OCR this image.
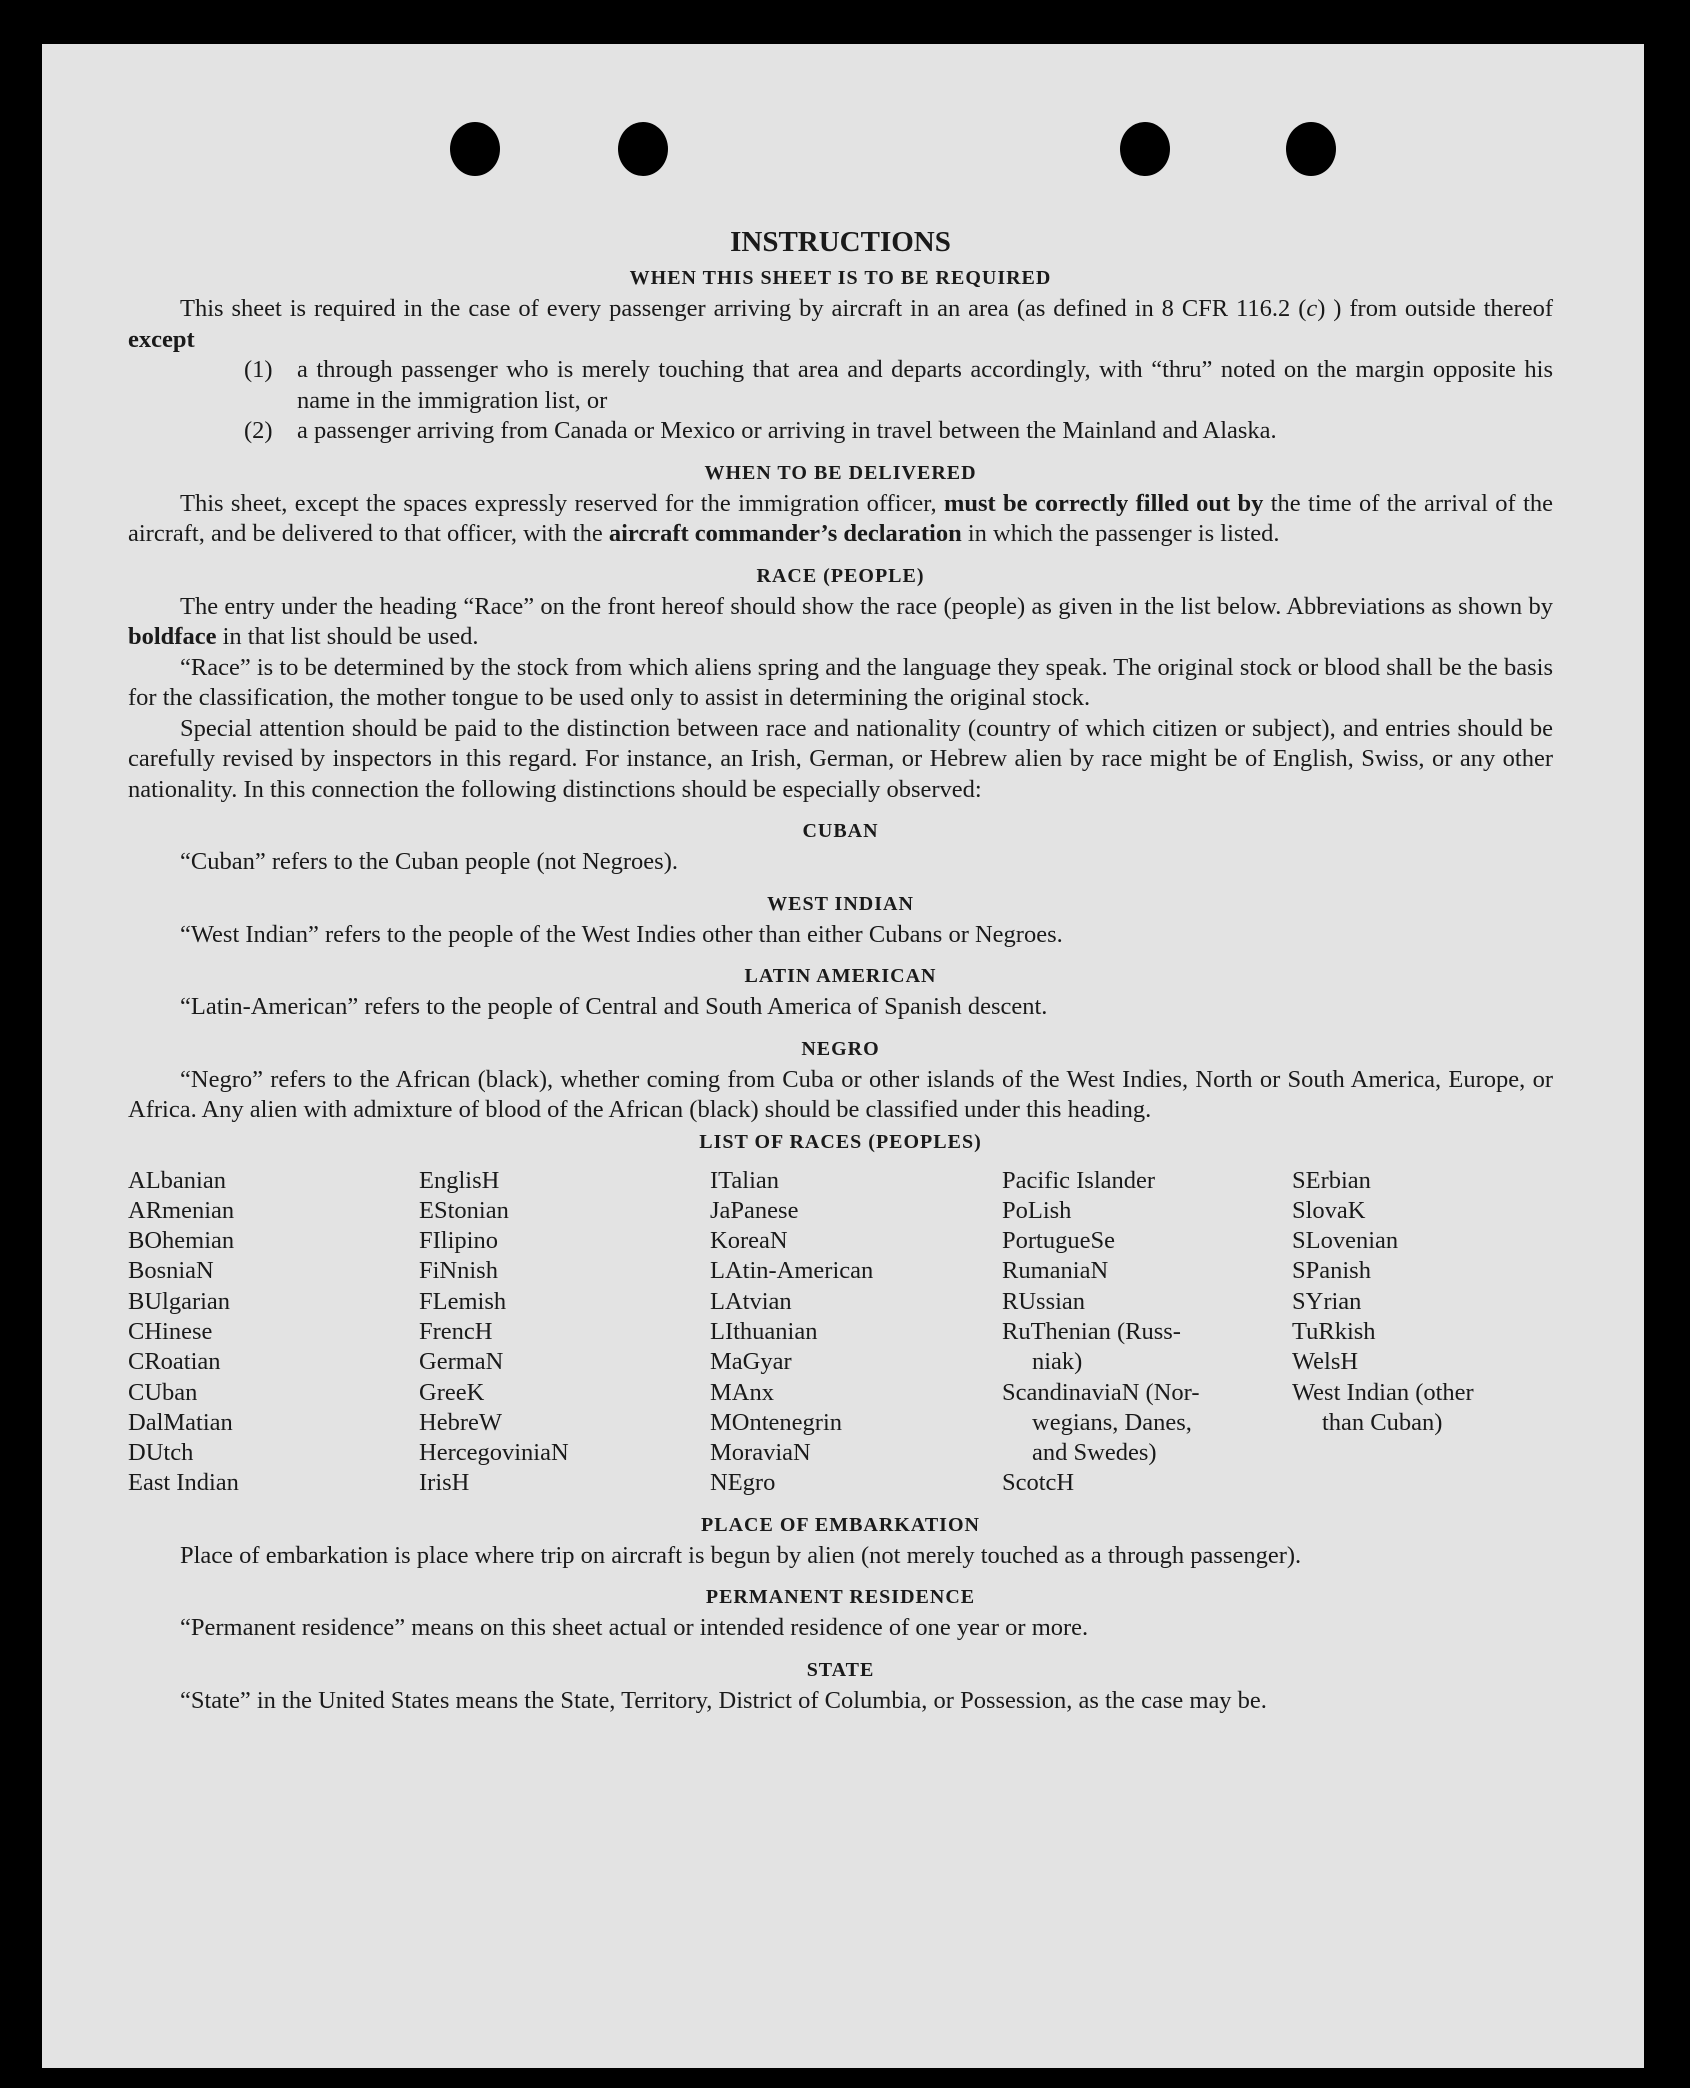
INSTRUCTIONS
WHEN THIS SHEET IS TO BE REQUIRED

This sheet is required in the case of every passenger arriving by aircraft in an area (as defined in 8 CFR 116.2 (c) ) from outside thereof except

(1) a through passenger who is merely touching that area and departs accordingly, with “thru” noted on the margin opposite his name in the immigration list, or
(2) a passenger arriving from Canada or Mexico or arriving in travel between the Mainland and Alaska.
WHEN TO BE DELIVERED

This sheet, except the spaces expressly reserved for the immigration officer, must be correctly filled out by the time of the arrival of the aircraft, and be delivered to that officer, with the aircraft commander’s declaration in which the passenger is listed.

RACE (PEOPLE)

The entry under the heading “Race” on the front hereof should show the race (people) as given in the list below. Abbreviations as shown by boldface in that list should be used.

“Race” is to be determined by the stock from which aliens spring and the language they speak. The original stock or blood shall be the basis for the classification, the mother tongue to be used only to assist in determining the original stock.

Special attention should be paid to the distinction between race and nationality (country of which citizen or subject), and entries should be carefully revised by inspectors in this regard. For instance, an Irish, German, or Hebrew alien by race might be of English, Swiss, or any other nationality. In this connection the following distinctions should be especially observed:

CUBAN

“Cuban” refers to the Cuban people (not Negroes).

WEST INDIAN

“West Indian” refers to the people of the West Indies other than either Cubans or Negroes.

LATIN AMERICAN

“Latin-American” refers to the people of Central and South America of Spanish descent.

NEGRO

“Negro” refers to the African (black), whether coming from Cuba or other islands of the West Indies, North or South America, Europe, or Africa. Any alien with admixture of blood of the African (black) should be classified under this heading.

LIST OF RACES (PEOPLES)
ALbanian
ARmenian
BOhemian
BosniaN
BUlgarian
CHinese
CRoatian
CUban
DalMatian
DUtch
East Indian
EnglisH
EStonian
FIlipino
FiNnish
FLemish
FrencH
GermaN
GreeK
HebreW
HercegoviniaN
IrisH
ITalian
JaPanese
KoreaN
LAtin-American
LAtvian
LIthuanian
MaGyar
MAnx
MOntenegrin
MoraviaN
NEgro
Pacific Islander
PoLish
PortugueSe
RumaniaN
RUssian
RuThenian (Russ-
niak)
ScandinaviaN (Nor-
wegians, Danes,
and Swedes)
ScotcH
SErbian
SlovaK
SLovenian
SPanish
SYrian
TuRkish
WelsH
West Indian (other
than Cuban)
PLACE OF EMBARKATION

Place of embarkation is place where trip on aircraft is begun by alien (not merely touched as a through passenger).

PERMANENT RESIDENCE

“Permanent residence” means on this sheet actual or intended residence of one year or more.

STATE

“State” in the United States means the State, Territory, District of Columbia, or Possession, as the case may be.
